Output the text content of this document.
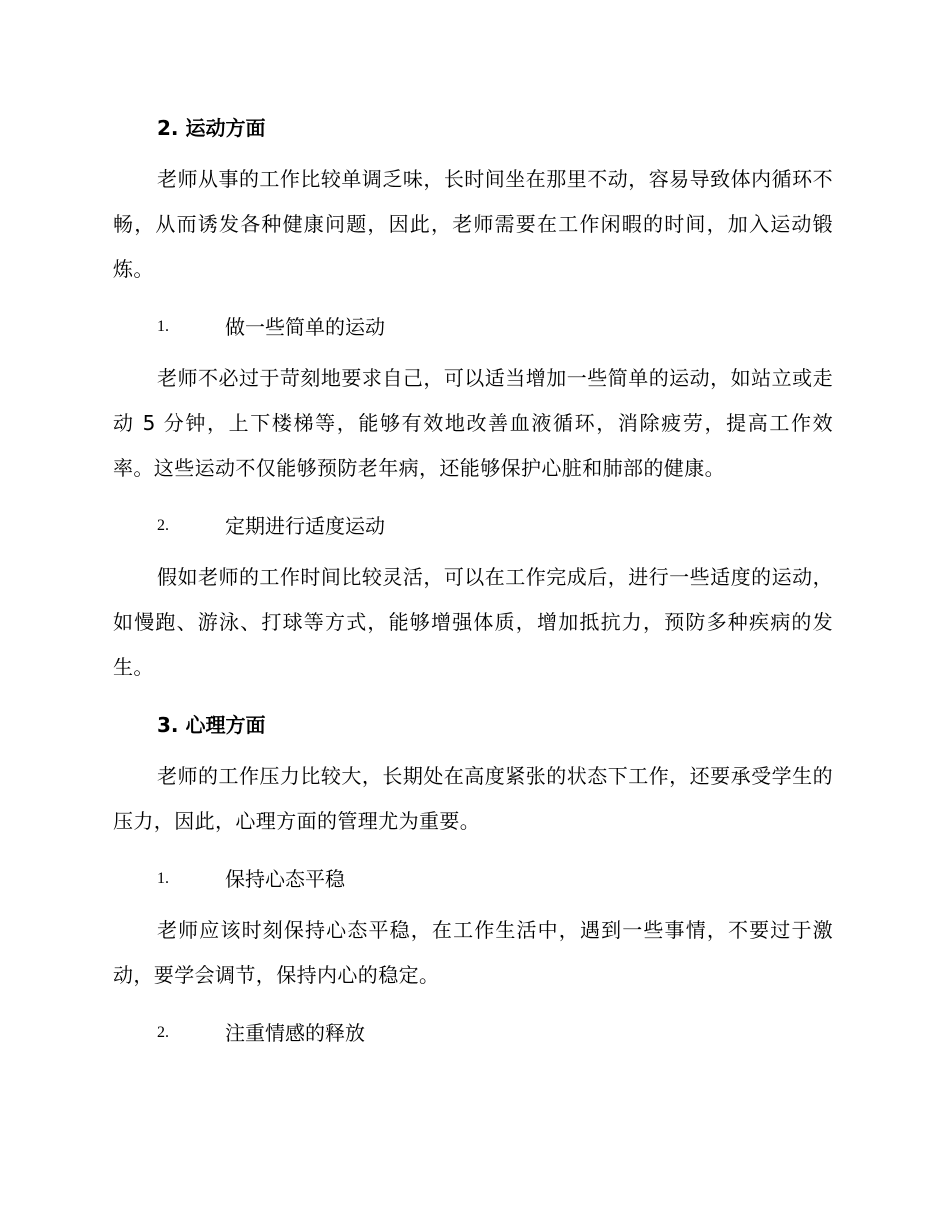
2. 运动方面

老师从事的工作比较单调乏味，长时间坐在那里不动，容易导致体内循环不畅，从而诱发各种健康问题，因此，老师需要在工作闲暇的时间，加入运动锻炼。

1.	做一些简单的运动

老师不必过于苛刻地要求自己，可以适当增加一些简单的运动，如站立或走动 5 分钟，上下楼梯等，能够有效地改善血液循环，消除疲劳，提高工作效率。这些运动不仅能够预防老年病，还能够保护心脏和肺部的健康。

2.	定期进行适度运动

假如老师的工作时间比较灵活，可以在工作完成后，进行一些适度的运动，如慢跑、游泳、打球等方式，能够增强体质，增加抵抗力，预防多种疾病的发生。

3. 心理方面

老师的工作压力比较大，长期处在高度紧张的状态下工作，还要承受学生的压力，因此，心理方面的管理尤为重要。

1.	保持心态平稳

老师应该时刻保持心态平稳，在工作生活中，遇到一些事情，不要过于激动，要学会调节，保持内心的稳定。

2.	注重情感的释放
